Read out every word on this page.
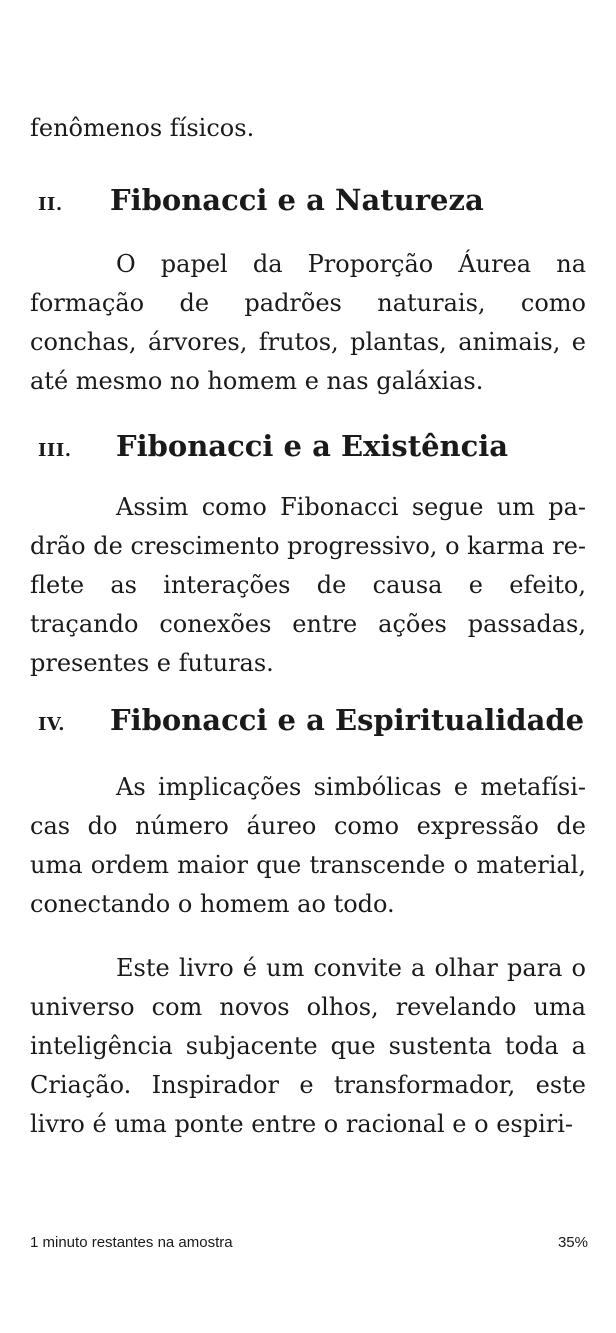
fenômenos físicos.

II.	Fibonacci e a Natureza

O papel da Proporção Áurea na formação de padrões naturais, como conchas, árvores, frutos, plantas, animais, e até mesmo no homem e nas galáxias.

III.	Fibonacci e a Existência

Assim como Fibonacci segue um padrão de crescimento progressivo, o karma reflete as interações de causa e efeito, traçando conexões entre ações passadas, presentes e futuras.

IV.	Fibonacci e a Espiritualidade

As implicações simbólicas e metafísicas do número áureo como expressão de uma ordem maior que transcende o material, conectando o homem ao todo.

Este livro é um convite a olhar para o universo com novos olhos, revelando uma inteligência subjacente que sustenta toda a Criação. Inspirador e transformador, este livro é uma ponte entre o racional e o espiri-

1 minuto restantes na amostra	35%
